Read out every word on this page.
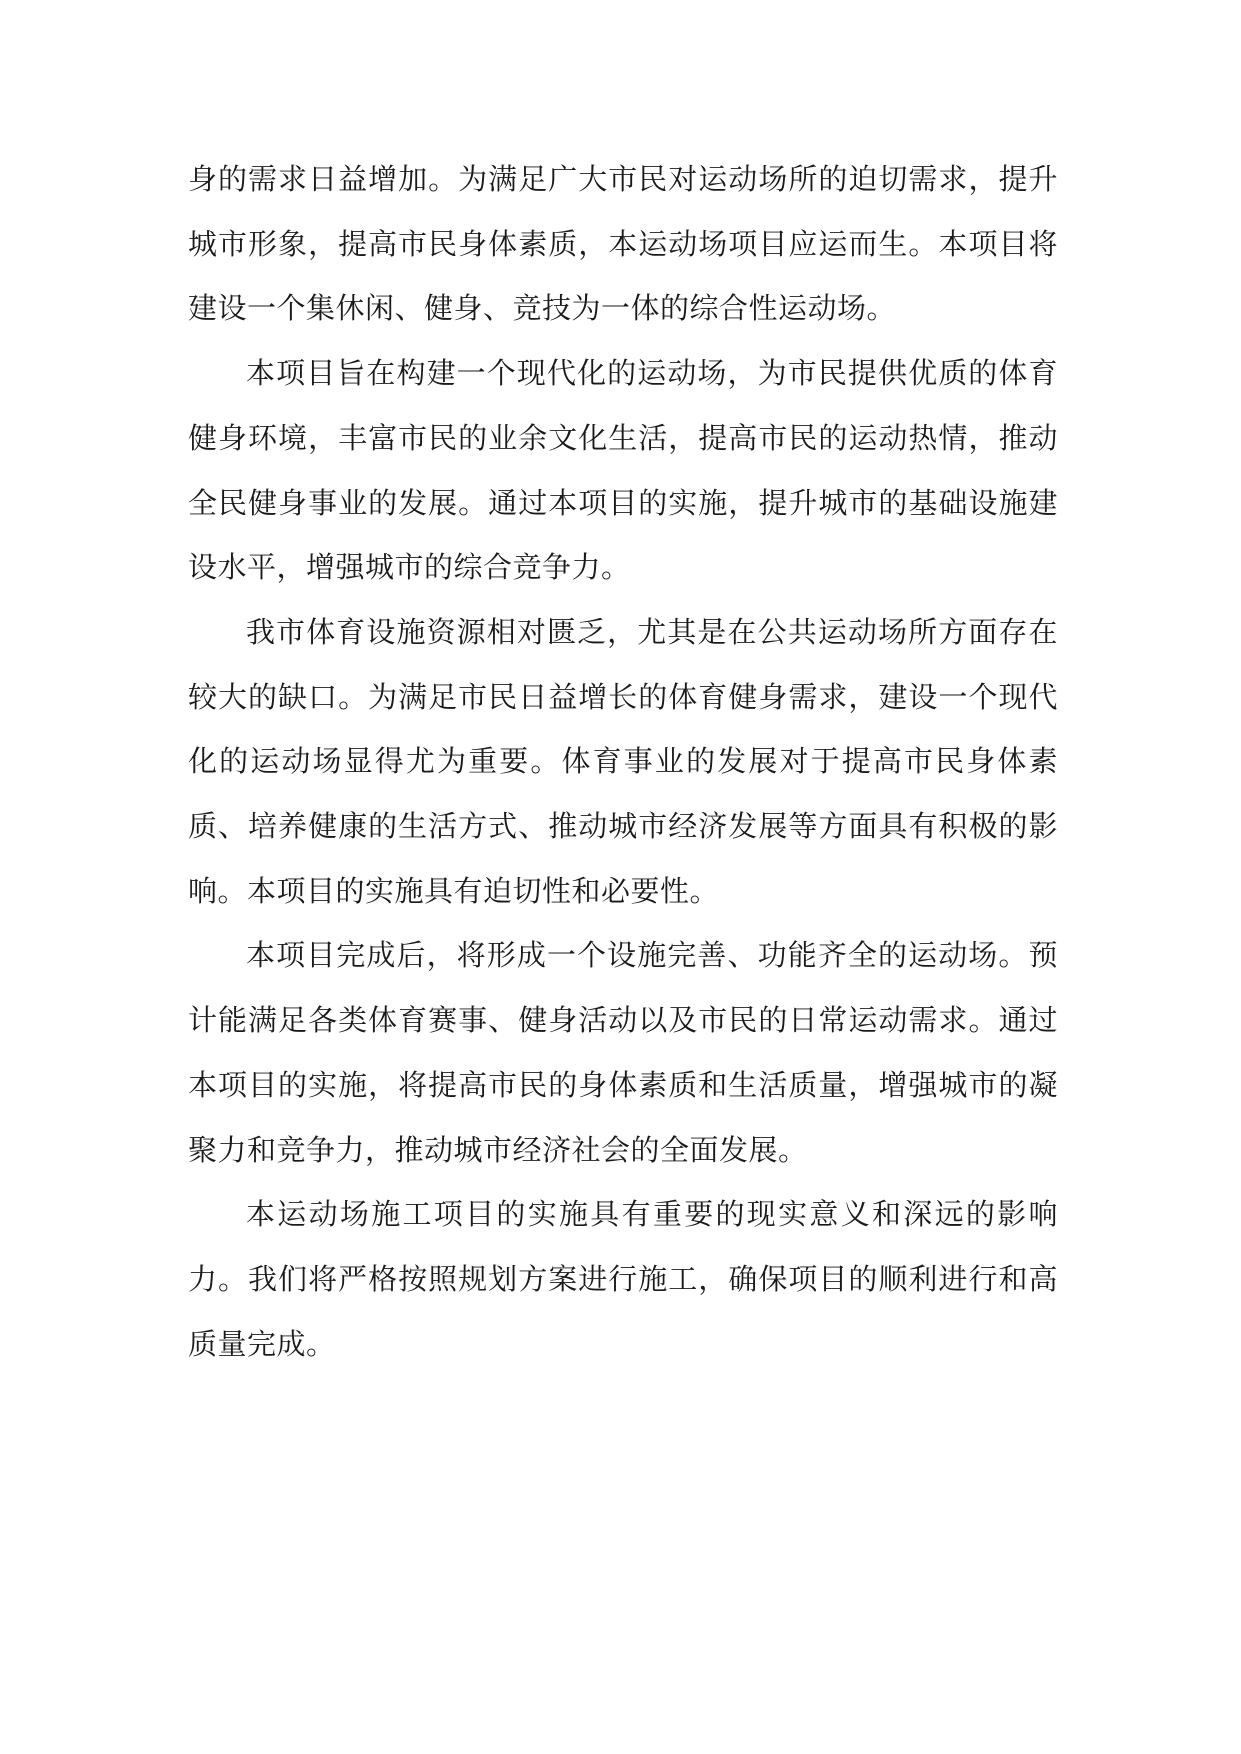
身的需求日益增加。为满足广大市民对运动场所的迫切需求，提升城市形象，提高市民身体素质，本运动场项目应运而生。本项目将建设一个集休闲、健身、竞技为一体的综合性运动场。

本项目旨在构建一个现代化的运动场，为市民提供优质的体育健身环境，丰富市民的业余文化生活，提高市民的运动热情，推动全民健身事业的发展。通过本项目的实施，提升城市的基础设施建设水平，增强城市的综合竞争力。

我市体育设施资源相对匮乏，尤其是在公共运动场所方面存在较大的缺口。为满足市民日益增长的体育健身需求，建设一个现代化的运动场显得尤为重要。体育事业的发展对于提高市民身体素质、培养健康的生活方式、推动城市经济发展等方面具有积极的影响。本项目的实施具有迫切性和必要性。

本项目完成后，将形成一个设施完善、功能齐全的运动场。预计能满足各类体育赛事、健身活动以及市民的日常运动需求。通过本项目的实施，将提高市民的身体素质和生活质量，增强城市的凝聚力和竞争力，推动城市经济社会的全面发展。

本运动场施工项目的实施具有重要的现实意义和深远的影响力。我们将严格按照规划方案进行施工，确保项目的顺利进行和高质量完成。
